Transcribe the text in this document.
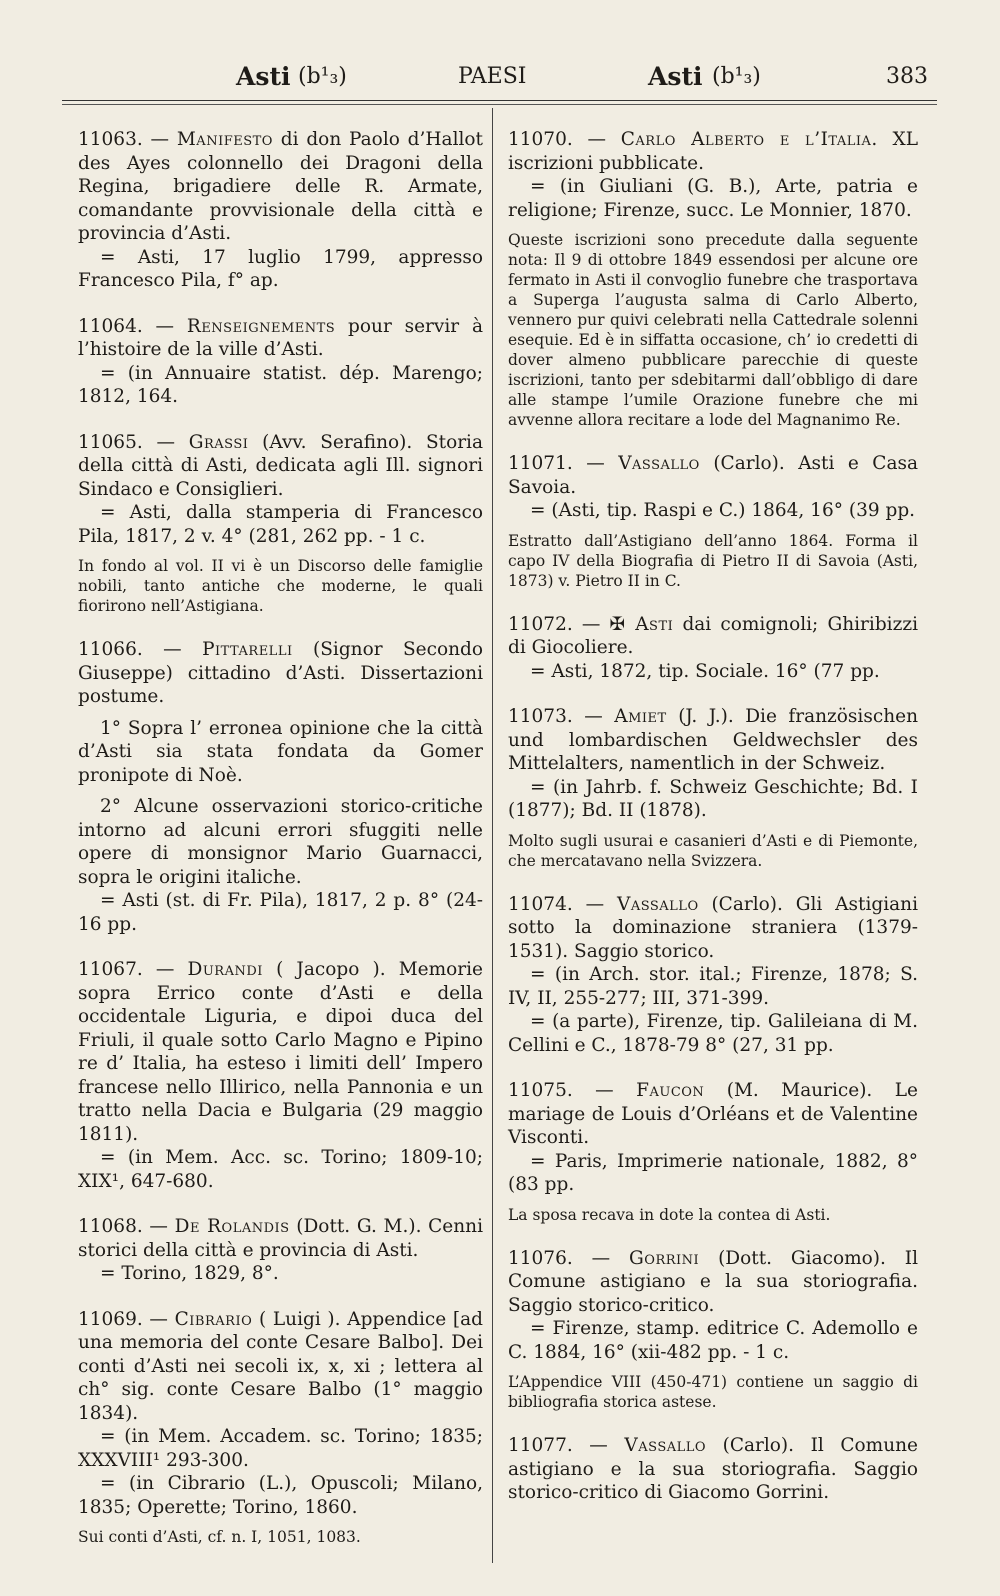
Asti (b¹₃)	PAESI	Asti (b¹₃)	383

11063. — Manifesto di don Paolo d’Hallot des Ayes colonnello dei Dragoni della Regina, brigadiere delle R. Armate, comandante provvisionale della città e provincia d’Asti.

= Asti, 17 luglio 1799, appresso Francesco Pila, f° ap.

11064. — Renseignements pour servir à l’histoire de la ville d’Asti.

= (in Annuaire statist. dép. Marengo; 1812, 164.

11065. — Grassi (Avv. Serafino). Storia della città di Asti, dedicata agli Ill. signori Sindaco e Consiglieri.

= Asti, dalla stamperia di Francesco Pila, 1817, 2 v. 4° (281, 262 pp. - 1 c.

In fondo al vol. II vi è un Discorso delle famiglie nobili, tanto antiche che moderne, le quali fiorirono nell’Astigiana.

11066. — Pittarelli (Signor Secondo Giuseppe) cittadino d’Asti. Dissertazioni postume.

1° Sopra l’ erronea opinione che la città d’Asti sia stata fondata da Gomer pronipote di Noè.

2° Alcune osservazioni storico-critiche intorno ad alcuni errori sfuggiti nelle opere di monsignor Mario Guarnacci, sopra le origini italiche.

= Asti (st. di Fr. Pila), 1817, 2 p. 8° (24-16 pp.

11067. — Durandi ( Jacopo ). Memorie sopra Errico conte d’Asti e della occidentale Liguria, e dipoi duca del Friuli, il quale sotto Carlo Magno e Pipino re d’ Italia, ha esteso i limiti dell’ Impero francese nello Illirico, nella Pannonia e un tratto nella Dacia e Bulgaria (29 maggio 1811).

= (in Mem. Acc. sc. Torino; 1809-10; XIX¹, 647-680.

11068. — De Rolandis (Dott. G. M.). Cenni storici della città e provincia di Asti.

= Torino, 1829, 8°.

11069. — Cibrario ( Luigi ). Appendice [ad una memoria del conte Cesare Balbo]. Dei conti d’Asti nei secoli ix, x, xi ; lettera al ch° sig. conte Cesare Balbo (1° maggio 1834).

= (in Mem. Accadem. sc. Torino; 1835; XXXVIII¹ 293-300.

= (in Cibrario (L.), Opuscoli; Milano, 1835; Operette; Torino, 1860.

Sui conti d’Asti, cf. n. I, 1051, 1083.

11070. — Carlo Alberto e l’Italia. XL iscrizioni pubblicate.

= (in Giuliani (G. B.), Arte, patria e religione; Firenze, succ. Le Monnier, 1870.

Queste iscrizioni sono precedute dalla seguente nota: Il 9 di ottobre 1849 essendosi per alcune ore fermato in Asti il convoglio funebre che trasportava a Superga l’augusta salma di Carlo Alberto, vennero pur quivi celebrati nella Cattedrale solenni esequie. Ed è in siffatta occasione, ch’ io credetti di dover almeno pubblicare parecchie di queste iscrizioni, tanto per sdebitarmi dall’obbligo di dare alle stampe l’umile Orazione funebre che mi avvenne allora recitare a lode del Magnanimo Re.

11071. — Vassallo (Carlo). Asti e Casa Savoia.

= (Asti, tip. Raspi e C.) 1864, 16° (39 pp.

Estratto dall’Astigiano dell’anno 1864. Forma il capo IV della Biografia di Pietro II di Savoia (Asti, 1873) v. Pietro II in C.

11072. — ✠ Asti dai comignoli; Ghiribizzi di Giocoliere.

= Asti, 1872, tip. Sociale. 16° (77 pp.

11073. — Amiet (J. J.). Die französischen und lombardischen Geldwechsler des Mittelalters, namentlich in der Schweiz.

= (in Jahrb. f. Schweiz Geschichte; Bd. I (1877); Bd. II (1878).

Molto sugli usurai e casanieri d’Asti e di Piemonte, che mercatavano nella Svizzera.

11074. — Vassallo (Carlo). Gli Astigiani sotto la dominazione straniera (1379-1531). Saggio storico.

= (in Arch. stor. ital.; Firenze, 1878; S. IV, II, 255-277; III, 371-399.

= (a parte), Firenze, tip. Galileiana di M. Cellini e C., 1878-79 8° (27, 31 pp.

11075. — Faucon (M. Maurice). Le mariage de Louis d’Orléans et de Valentine Visconti.

= Paris, Imprimerie nationale, 1882, 8° (83 pp.

La sposa recava in dote la contea di Asti.

11076. — Gorrini (Dott. Giacomo). Il Comune astigiano e la sua storiografia. Saggio storico-critico.

= Firenze, stamp. editrice C. Ademollo e C. 1884, 16° (xii-482 pp. - 1 c.

L’Appendice VIII (450-471) contiene un saggio di bibliografia storica astese.

11077. — Vassallo (Carlo). Il Comune astigiano e la sua storiografia. Saggio storico-critico di Giacomo Gorrini.
